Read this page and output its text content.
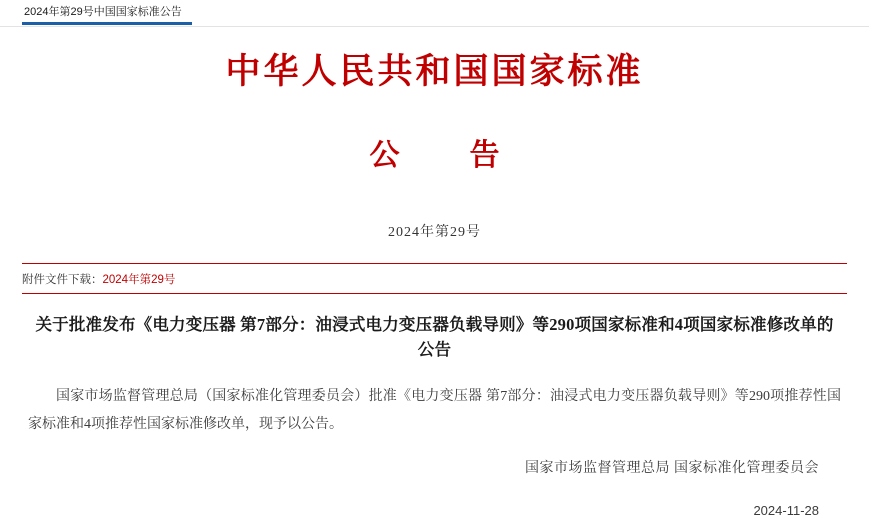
2024年第29号中国国家标准公告
中华人民共和国国家标准
公　告
2024年第29号
附件文件下载：2024年第29号
关于批准发布《电力变压器 第7部分：油浸式电力变压器负载导则》等290项国家标准和4项国家标准修改单的公告
国家市场监督管理总局（国家标准化管理委员会）批准《电力变压器 第7部分：油浸式电力变压器负载导则》等290项推荐性国家标准和4项推荐性国家标准修改单，现予以公告。
国家市场监督管理总局 国家标准化管理委员会
2024-11-28
